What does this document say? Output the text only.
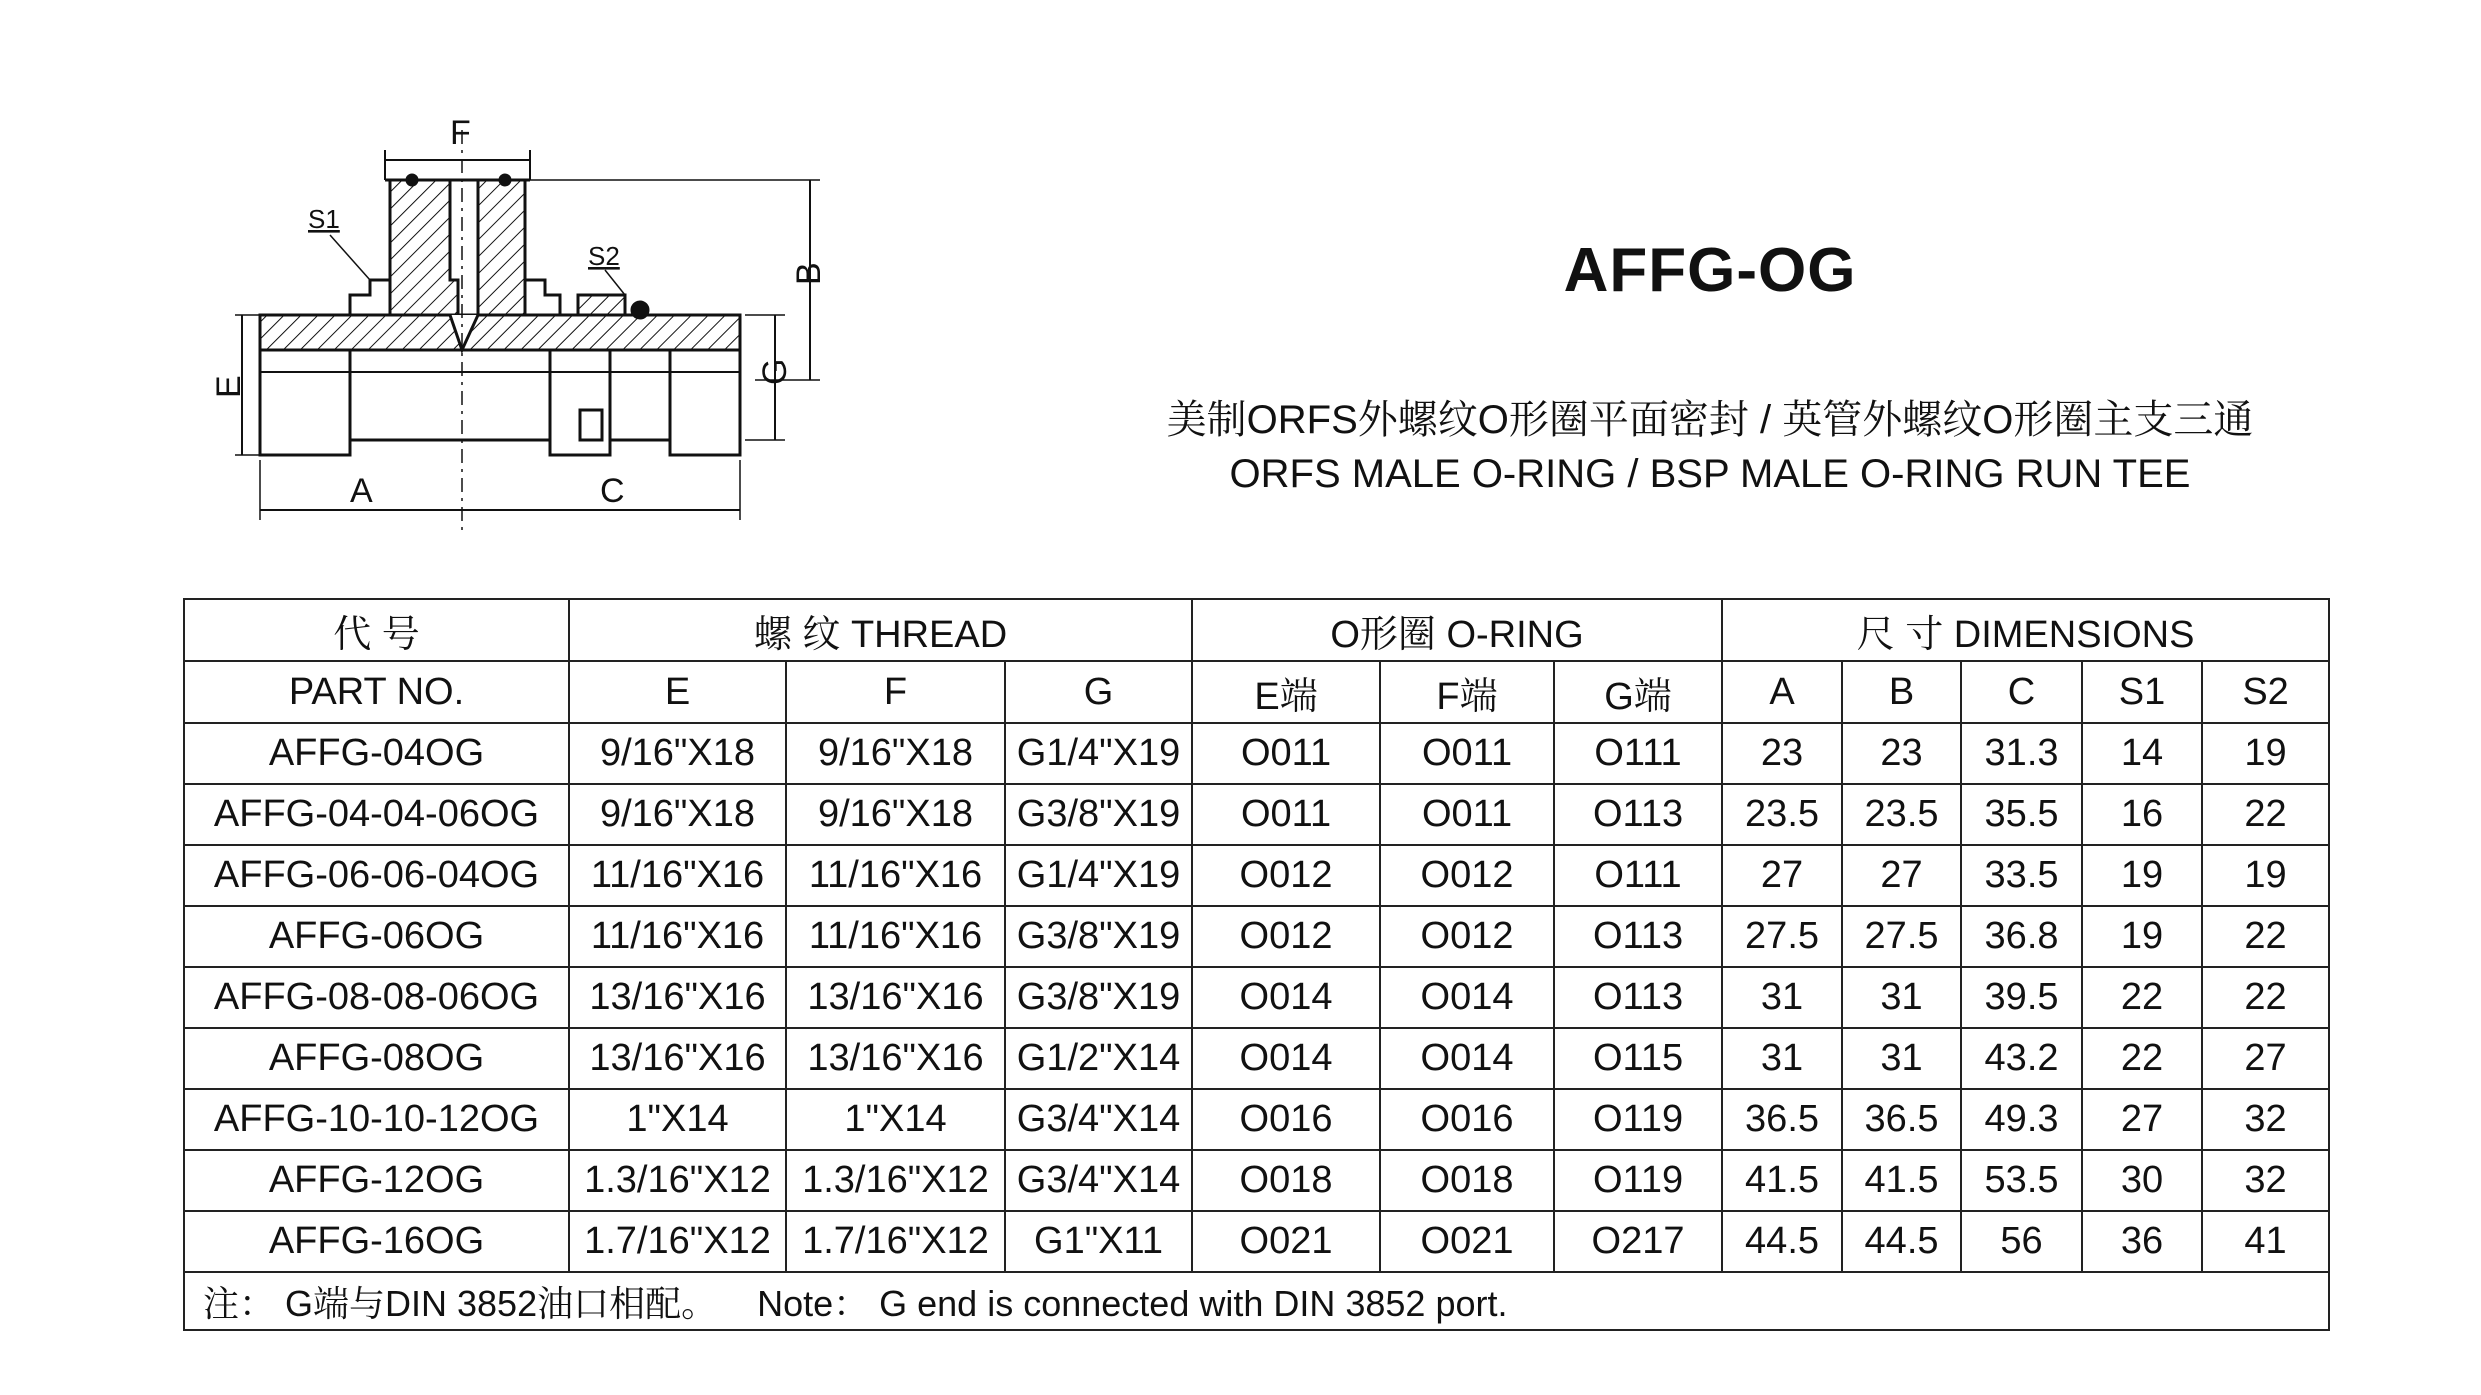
F
S1
S2
B
G
E
A	C
AFFG-OG
美制ORFS外螺纹O形圈平面密封 / 英管外螺纹O形圈主支三通
ORFS MALE O-RING / BSP MALE O-RING RUN TEE
代 号	螺 纹 THREAD			O形圈 O-RING			尺 寸 DIMENSIONS				
PART NO.	E	F	G	E端	F端	G端	A	B	C	S1	S2
AFFG-04OG	9/16"X18	9/16"X18	G1/4"X19	O011	O011	O111	23	23	31.3	14	19
AFFG-04-04-06OG	9/16"X18	9/16"X18	G3/8"X19	O011	O011	O113	23.5	23.5	35.5	16	22
AFFG-06-06-04OG	11/16"X16	11/16"X16	G1/4"X19	O012	O012	O111	27	27	33.5	19	19
AFFG-06OG	11/16"X16	11/16"X16	G3/8"X19	O012	O012	O113	27.5	27.5	36.8	19	22
AFFG-08-08-06OG	13/16"X16	13/16"X16	G3/8"X19	O014	O014	O113	31	31	39.5	22	22
AFFG-08OG	13/16"X16	13/16"X16	G1/2"X14	O014	O014	O115	31	31	43.2	22	27
AFFG-10-10-12OG	1"X14	1"X14	G3/4"X14	O016	O016	O119	36.5	36.5	49.3	27	32
AFFG-12OG	1.3/16"X12	1.3/16"X12	G3/4"X14	O018	O018	O119	41.5	41.5	53.5	30	32
AFFG-16OG	1.7/16"X12	1.7/16"X12	G1"X11	O021	O021	O217	44.5	44.5	56	36	41
注： G端与DIN 3852油口相配。 Note： G end is connected with DIN 3852 port.											
